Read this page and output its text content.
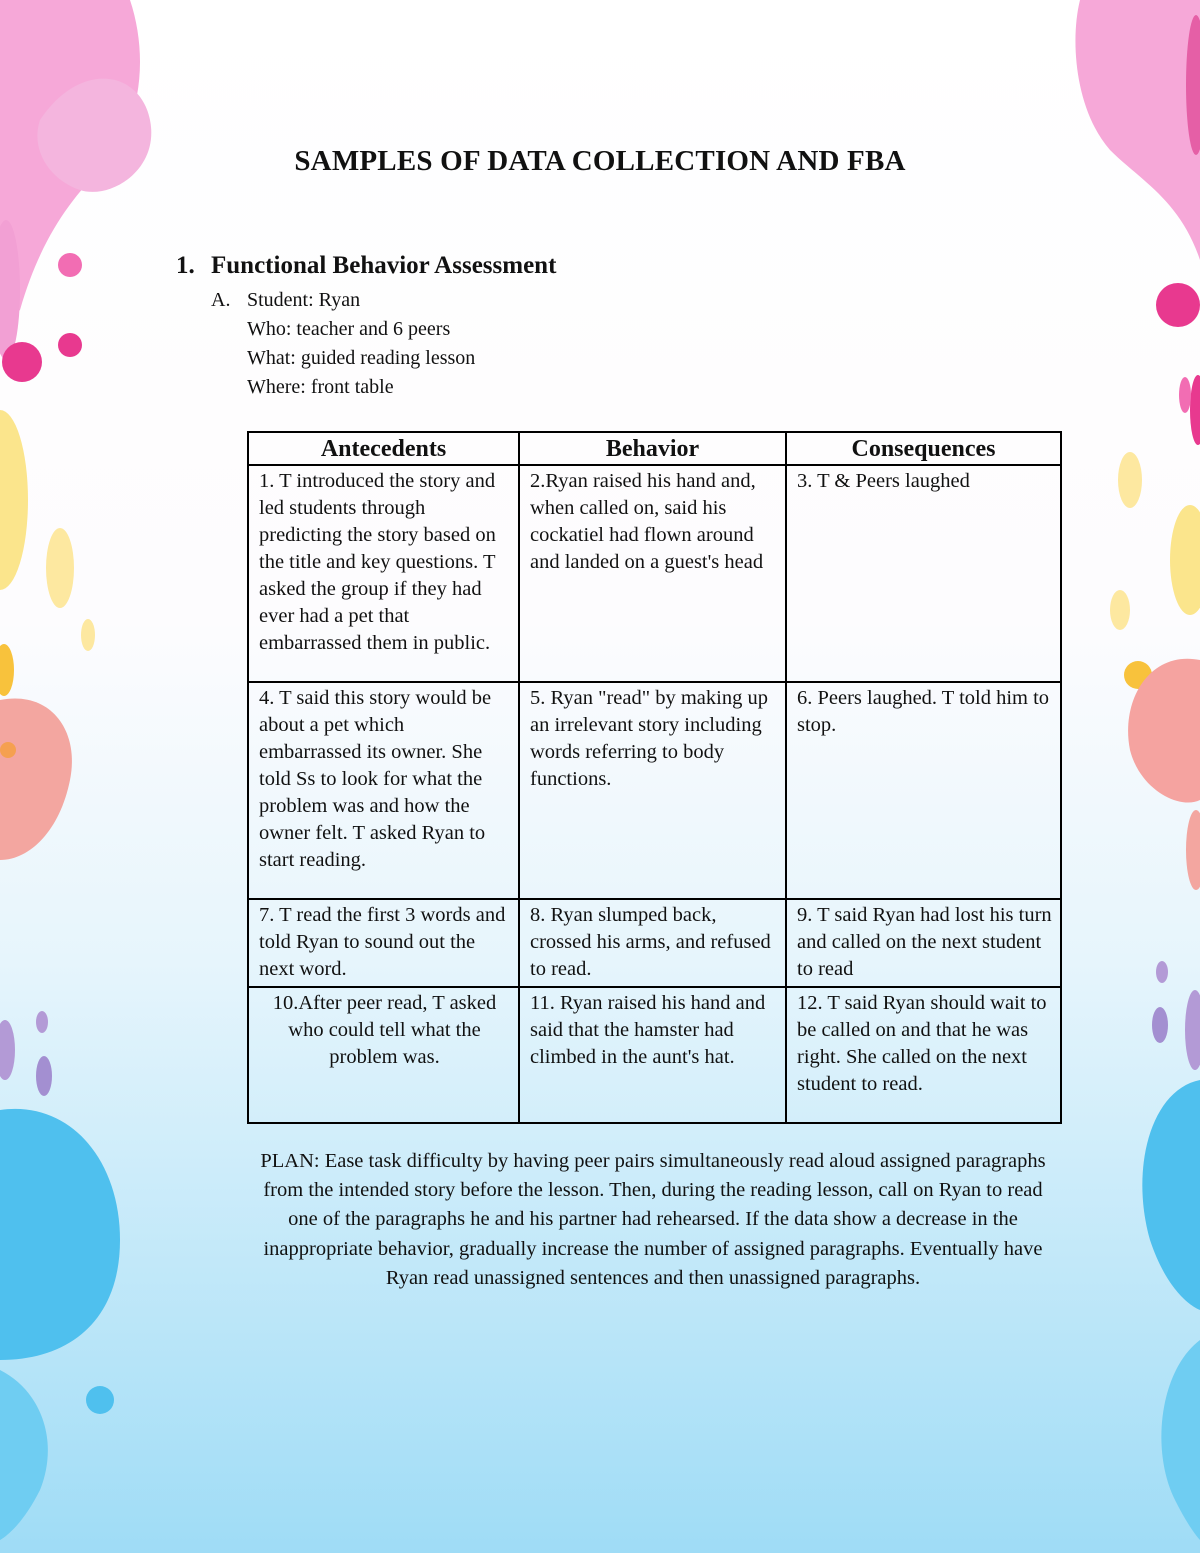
SAMPLES OF DATA COLLECTION AND FBA
1. Functional Behavior Assessment
A. Student: Ryan
Who: teacher and 6 peers
What: guided reading lesson
Where: front table
Antecedents	Behavior	Consequences
1. T introduced the story and led students through predicting the story based on the title and key questions. T asked the group if they had ever had a pet that embarrassed them in public.	2.Ryan raised his hand and, when called on, said his cockatiel had flown around and landed on a guest's head	3. T & Peers laughed
4. T said this story would be about a pet which embarrassed its owner. She told Ss to look for what the problem was and how the owner felt. T asked Ryan to start reading.	5. Ryan "read" by making up an irrelevant story including words referring to body functions.	6. Peers laughed. T told him to stop.
7. T read the first 3 words and told Ryan to sound out the next word.	8. Ryan slumped back, crossed his arms, and refused to read.	9. T said Ryan had lost his turn and called on the next student to read
10.After peer read, T asked who could tell what the problem was.	11. Ryan raised his hand and said that the hamster had climbed in the aunt's hat.	12. T said Ryan should wait to be called on and that he was right. She called on the next student to read.

PLAN: Ease task difficulty by having peer pairs simultaneously read aloud assigned paragraphs from the intended story before the lesson. Then, during the reading lesson, call on Ryan to read one of the paragraphs he and his partner had rehearsed. If the data show a decrease in the inappropriate behavior, gradually increase the number of assigned paragraphs. Eventually have Ryan read unassigned sentences and then unassigned paragraphs.
